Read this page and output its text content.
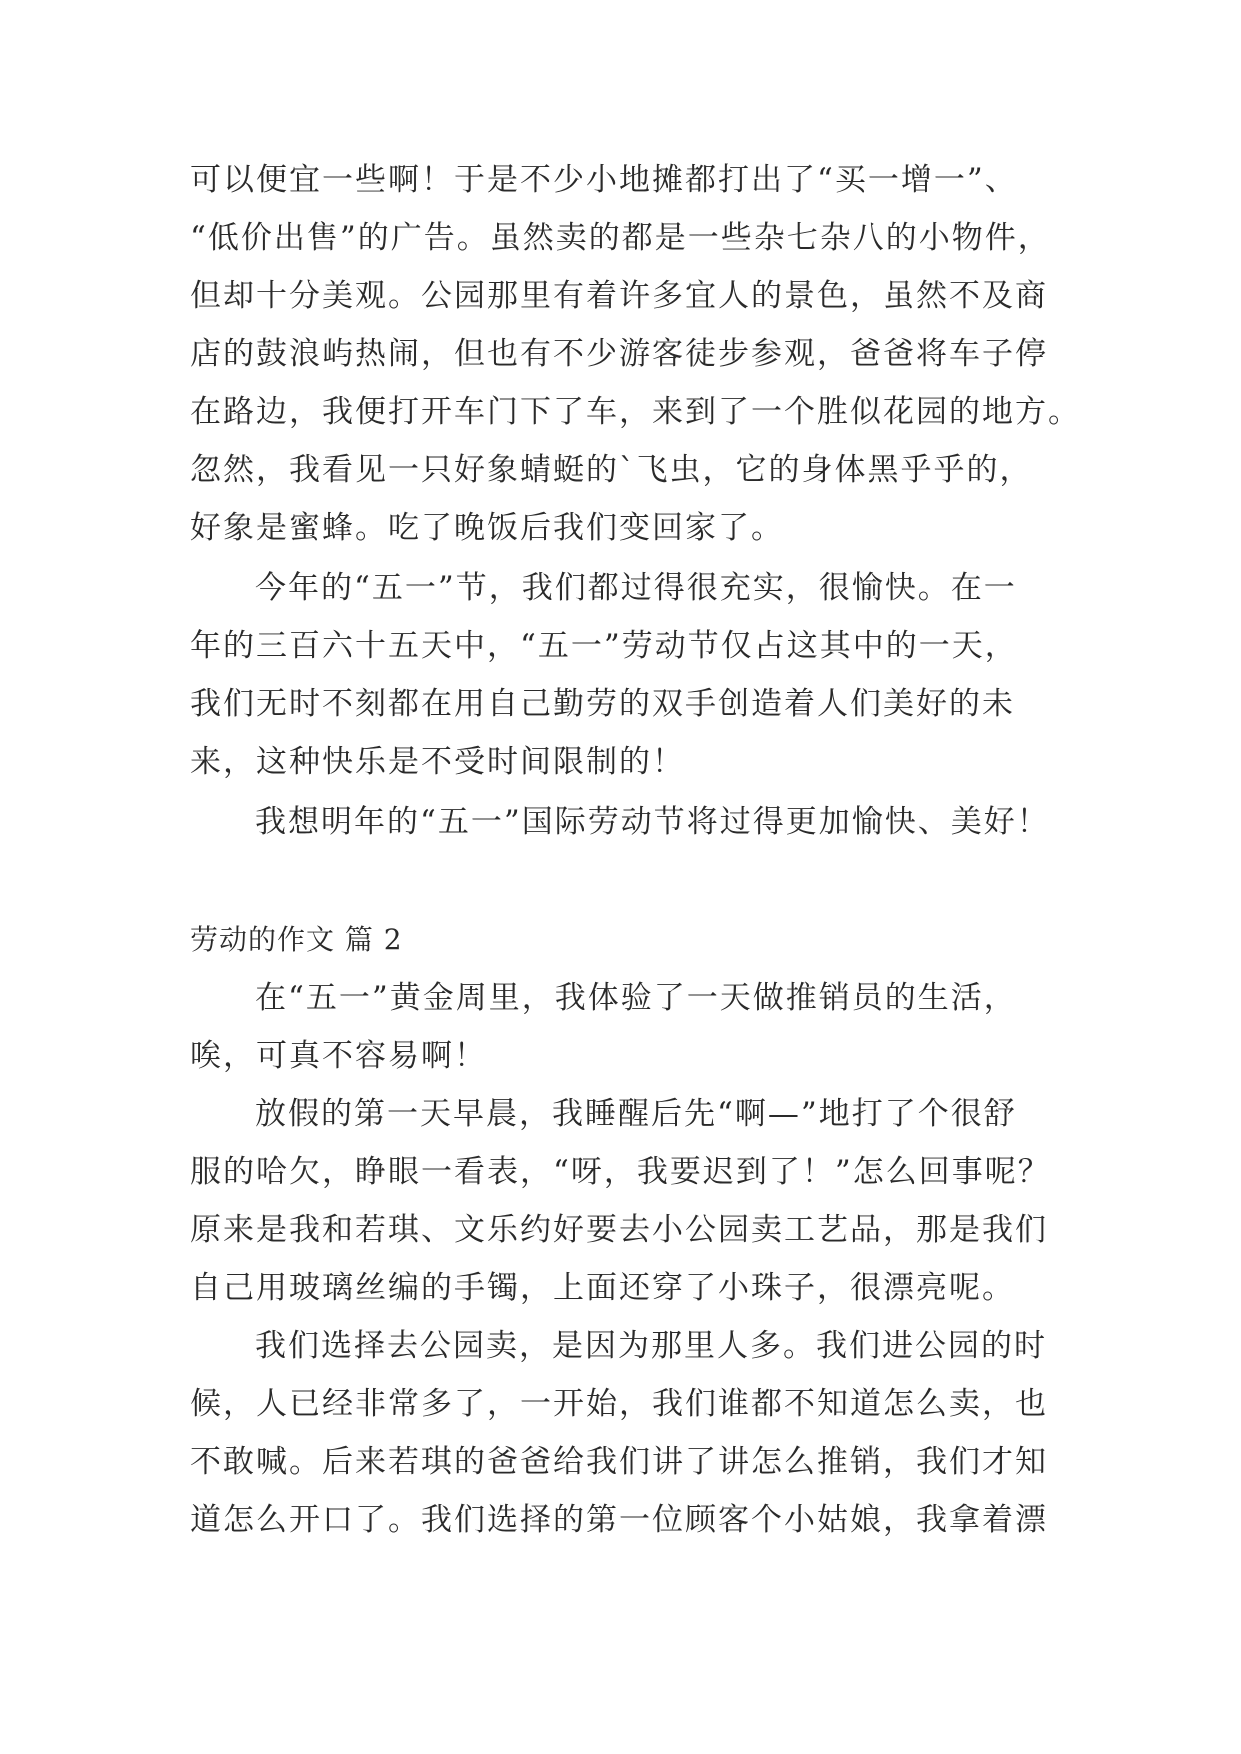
可以便宜一些啊！于是不少小地摊都打出了“买一增一”、

“低价出售”的广告。虽然卖的都是一些杂七杂八的小物件，

但却十分美观。公园那里有着许多宜人的景色，虽然不及商

店的鼓浪屿热闹，但也有不少游客徒步参观，爸爸将车子停

在路边，我便打开车门下了车，来到了一个胜似花园的地方。

忽然，我看见一只好象蜻蜓的`飞虫，它的身体黑乎乎的，

好象是蜜蜂。吃了晚饭后我们变回家了。

今年的“五一”节，我们都过得很充实，很愉快。在一

年的三百六十五天中，“五一”劳动节仅占这其中的一天，

我们无时不刻都在用自己勤劳的双手创造着人们美好的未

来，这种快乐是不受时间限制的！

我想明年的“五一”国际劳动节将过得更加愉快、美好！

劳动的作文 篇 2

在“五一”黄金周里，我体验了一天做推销员的生活，

唉，可真不容易啊！

放假的第一天早晨，我睡醒后先“啊—”地打了个很舒

服的哈欠，睁眼一看表，“呀，我要迟到了！”怎么回事呢？

原来是我和若琪、文乐约好要去小公园卖工艺品，那是我们

自己用玻璃丝编的手镯，上面还穿了小珠子，很漂亮呢。

我们选择去公园卖，是因为那里人多。我们进公园的时

候，人已经非常多了，一开始，我们谁都不知道怎么卖，也

不敢喊。后来若琪的爸爸给我们讲了讲怎么推销，我们才知

道怎么开口了。我们选择的第一位顾客个小姑娘，我拿着漂
